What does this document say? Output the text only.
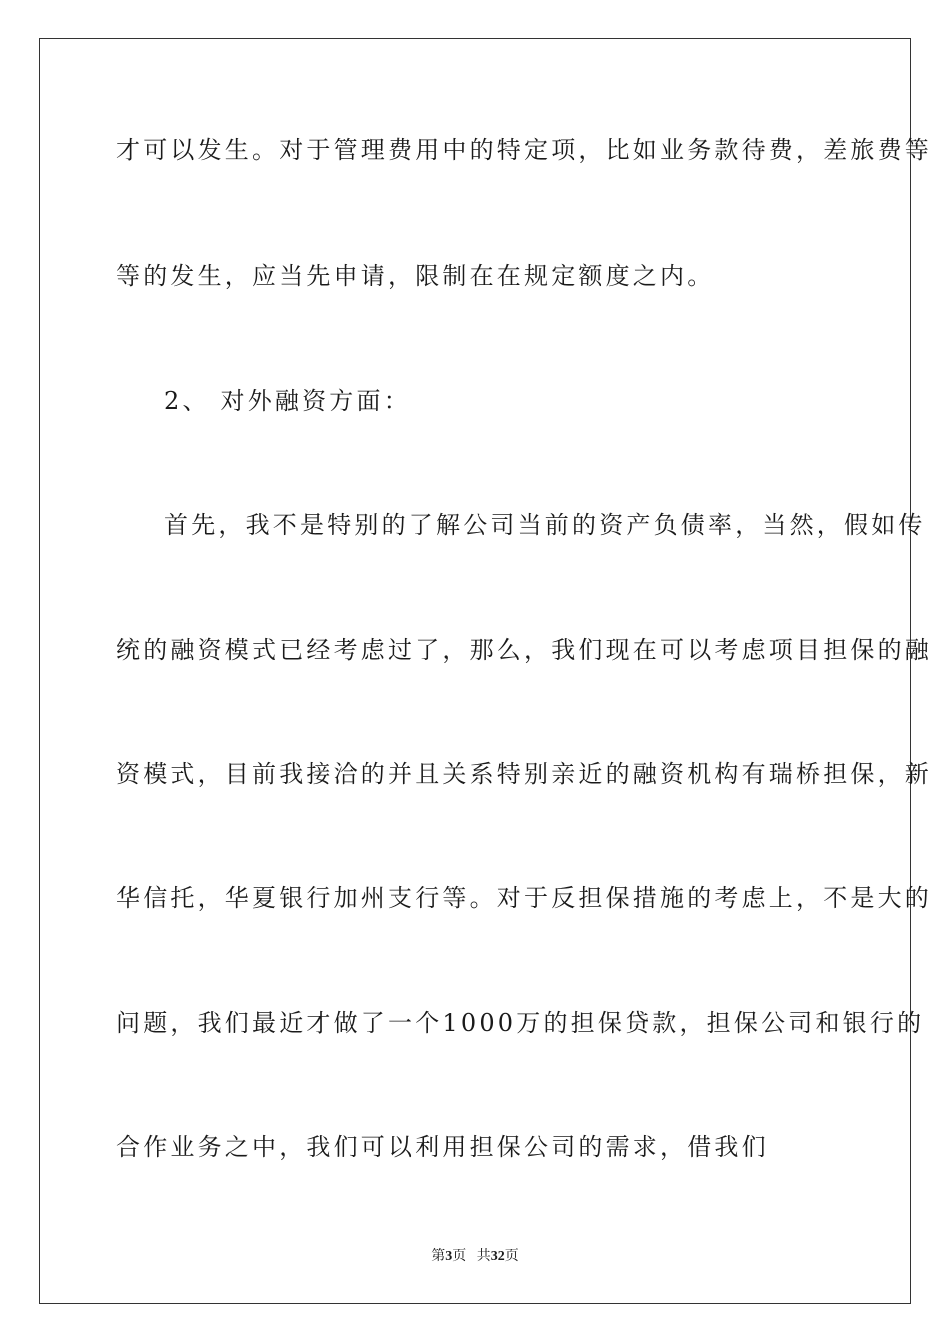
才可以发生。对于管理费用中的特定项，比如业务款待费，差旅费等
等的发生，应当先申请，限制在在规定额度之内。
2、 对外融资方面：
首先，我不是特别的了解公司当前的资产负债率，当然，假如传
统的融资模式已经考虑过了，那么，我们现在可以考虑项目担保的融
资模式，目前我接洽的并且关系特别亲近的融资机构有瑞桥担保，新
华信托，华夏银行加州支行等。对于反担保措施的考虑上，不是大的
问题，我们最近才做了一个1000万的担保贷款，担保公司和银行的
合作业务之中，我们可以利用担保公司的需求，借我们
第3页 共32页
